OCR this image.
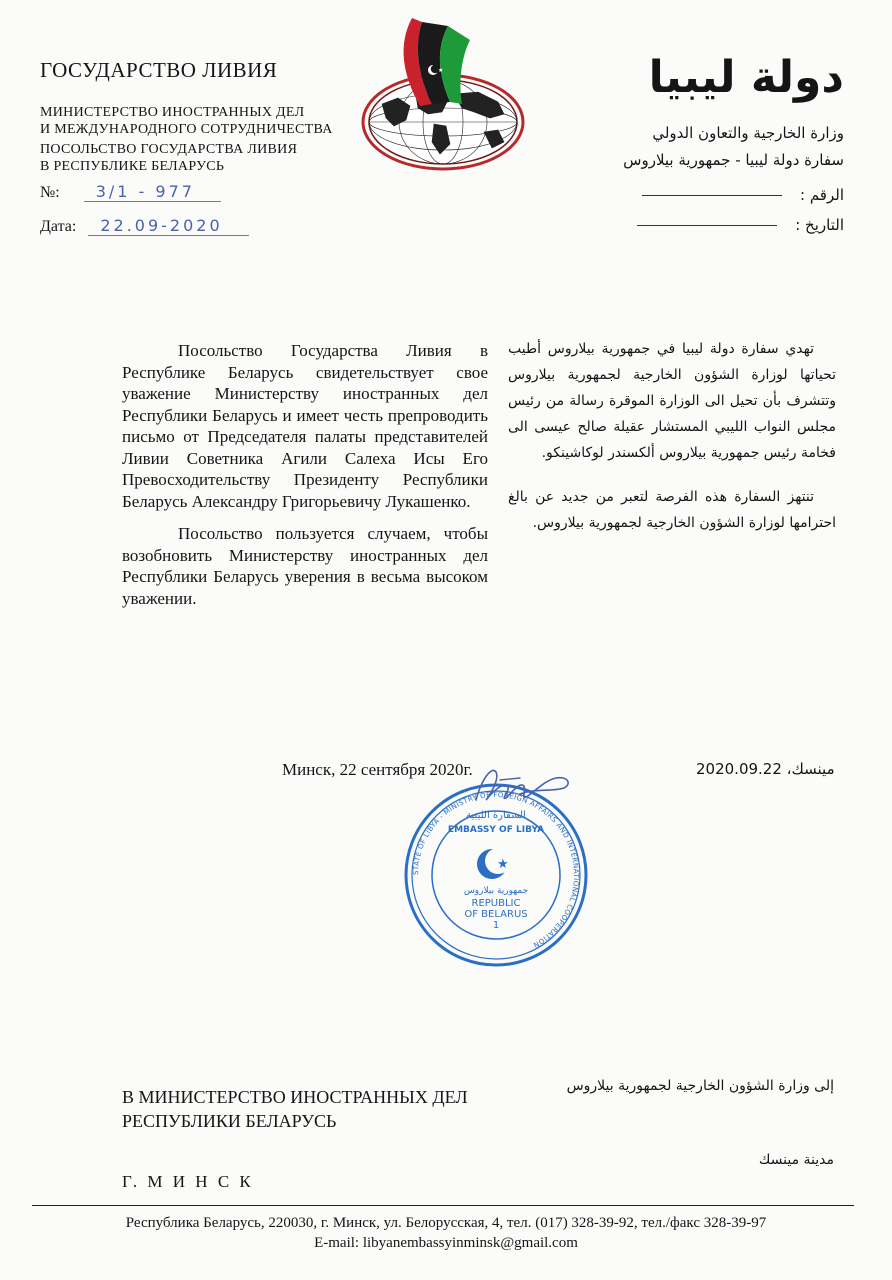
ГОСУДАРСТВО ЛИВИЯ
МИНИСТЕРСТВО ИНОСТРАННЫХ ДЕЛ
И МЕЖДУНАРОДНОГО СОТРУДНИЧЕСТВА
ПОСОЛЬСТВО ГОСУДАРСТВА ЛИВИЯ
В РЕСПУБЛИКЕ БЕЛАРУСЬ
№: 3/1 - 977
Дата: 22.09-2020
★	دولة ليبيا
وزارة الخارجية والتعاون الدولي
سفارة دولة ليبيا - جمهورية بيلاروس
الرقم :
التاريخ :

Посольство Государства Ливия в Республике Беларусь свидетельствует свое уважение Министерству иностранных дел Республики Беларусь и имеет честь препроводить письмо от Председателя палаты представителей Ливии Советника Агили Салеха Исы Его Превосходительству Президенту Республики Беларусь Александру Григорьевичу Лукашенко.

Посольство пользуется случаем, чтобы возобновить Министерству иностранных дел Республики Беларусь уверения в весьма высоком уважении.

تهدي سفارة دولة ليبيا في جمهورية بيلاروس أطيب تحياتها لوزارة الشؤون الخارجية لجمهورية بيلاروس وتتشرف بأن تحيل الى الوزارة الموقرة رسالة من رئيس مجلس النواب الليبي المستشار عقيلة صالح عيسى الى فخامة رئيس جمهورية بيلاروس ألكسندر لوكاشينكو.

تنتهز السفارة هذه الفرصة لتعبر من جديد عن بالغ احترامها لوزارة الشؤون الخارجية لجمهورية بيلاروس.

Минск, 22 сентября 2020г.	مينسك، 2020.09.22
STATE OF LIBYA - MINISTRY OF FOREIGN AFFAIRS AND INTERNATIONAL COOPERATION
السفارة الليبية
EMBASSY OF LIBYA
★
جمهورية بيلاروس
REPUBLIC
OF BELARUS
1
В МИНИСТЕРСТВО ИНОСТРАННЫХ ДЕЛ
РЕСПУБЛИКИ БЕЛАРУСЬ
إلى وزارة الشؤون الخارجية لجمهورية بيلاروس
مدينة مينسك
Г. М И Н С К
Республика Беларусь, 220030, г. Минск, ул. Белорусская, 4, тел. (017) 328-39-92, тел./факс 328-39-97
E-mail: libyanembassyinminsk@gmail.com
